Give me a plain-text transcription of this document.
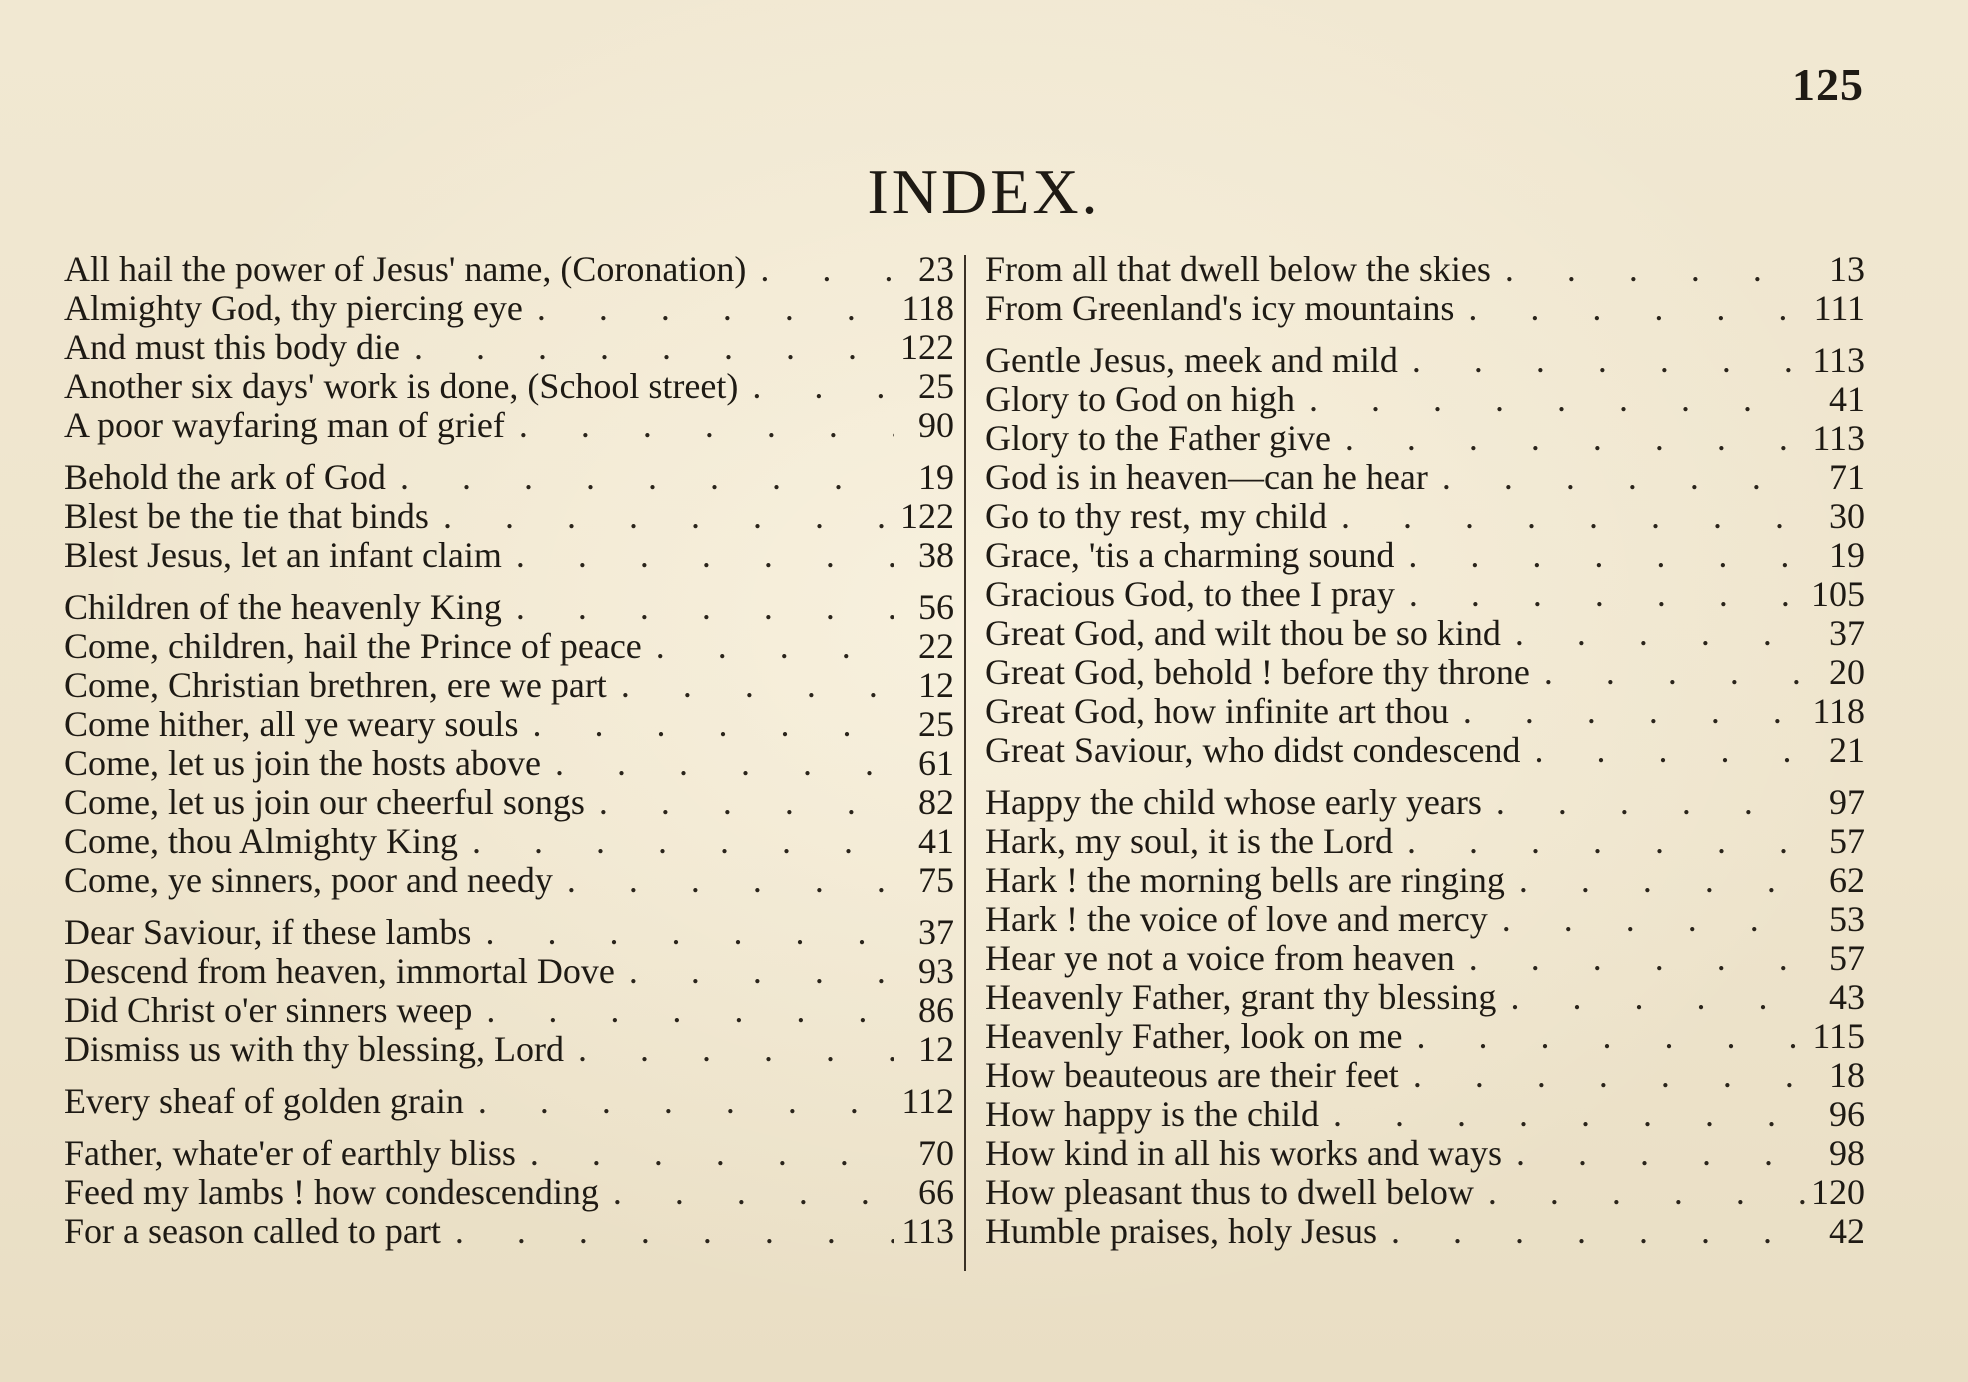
125
INDEX.
All hail the power of Jesus' name, (Coronation) . . .	23
Almighty God, thy piercing eye . . .	118
And must this body die . . .	122
Another six days' work is done, (School street) . . .	25
A poor wayfaring man of grief . . .	90
Behold the ark of God . . .	19
Blest be the tie that binds . . .	122
Blest Jesus, let an infant claim . . .	38
Children of the heavenly King . . .	56
Come, children, hail the Prince of peace . . .	22
Come, Christian brethren, ere we part . . .	12
Come hither, all ye weary souls . . .	25
Come, let us join the hosts above . . .	61
Come, let us join our cheerful songs . . .	82
Come, thou Almighty King . . .	41
Come, ye sinners, poor and needy . . .	75
Dear Saviour, if these lambs . . .	37
Descend from heaven, immortal Dove . . .	93
Did Christ o'er sinners weep . . .	86
Dismiss us with thy blessing, Lord . . .	12
Every sheaf of golden grain . . .	112
Father, whate'er of earthly bliss . . .	70
Feed my lambs ! how condescending . . .	66
For a season called to part . . .	113
From all that dwell below the skies . . .	13
From Greenland's icy mountains . . .	111
Gentle Jesus, meek and mild . . .	113
Glory to God on high . . .	41
Glory to the Father give . . .	113
God is in heaven—can he hear . . .	71
Go to thy rest, my child . . .	30
Grace, 'tis a charming sound . . .	19
Gracious God, to thee I pray . . .	105
Great God, and wilt thou be so kind . . .	37
Great God, behold ! before thy throne . . .	20
Great God, how infinite art thou . . .	118
Great Saviour, who didst condescend . . .	21
Happy the child whose early years . . .	97
Hark, my soul, it is the Lord . . .	57
Hark ! the morning bells are ringing . . .	62
Hark ! the voice of love and mercy . . .	53
Hear ye not a voice from heaven . . .	57
Heavenly Father, grant thy blessing . . .	43
Heavenly Father, look on me . . .	115
How beauteous are their feet . . .	18
How happy is the child . . .	96
How kind in all his works and ways . . .	98
How pleasant thus to dwell below . . .	120
Humble praises, holy Jesus . . .	42
